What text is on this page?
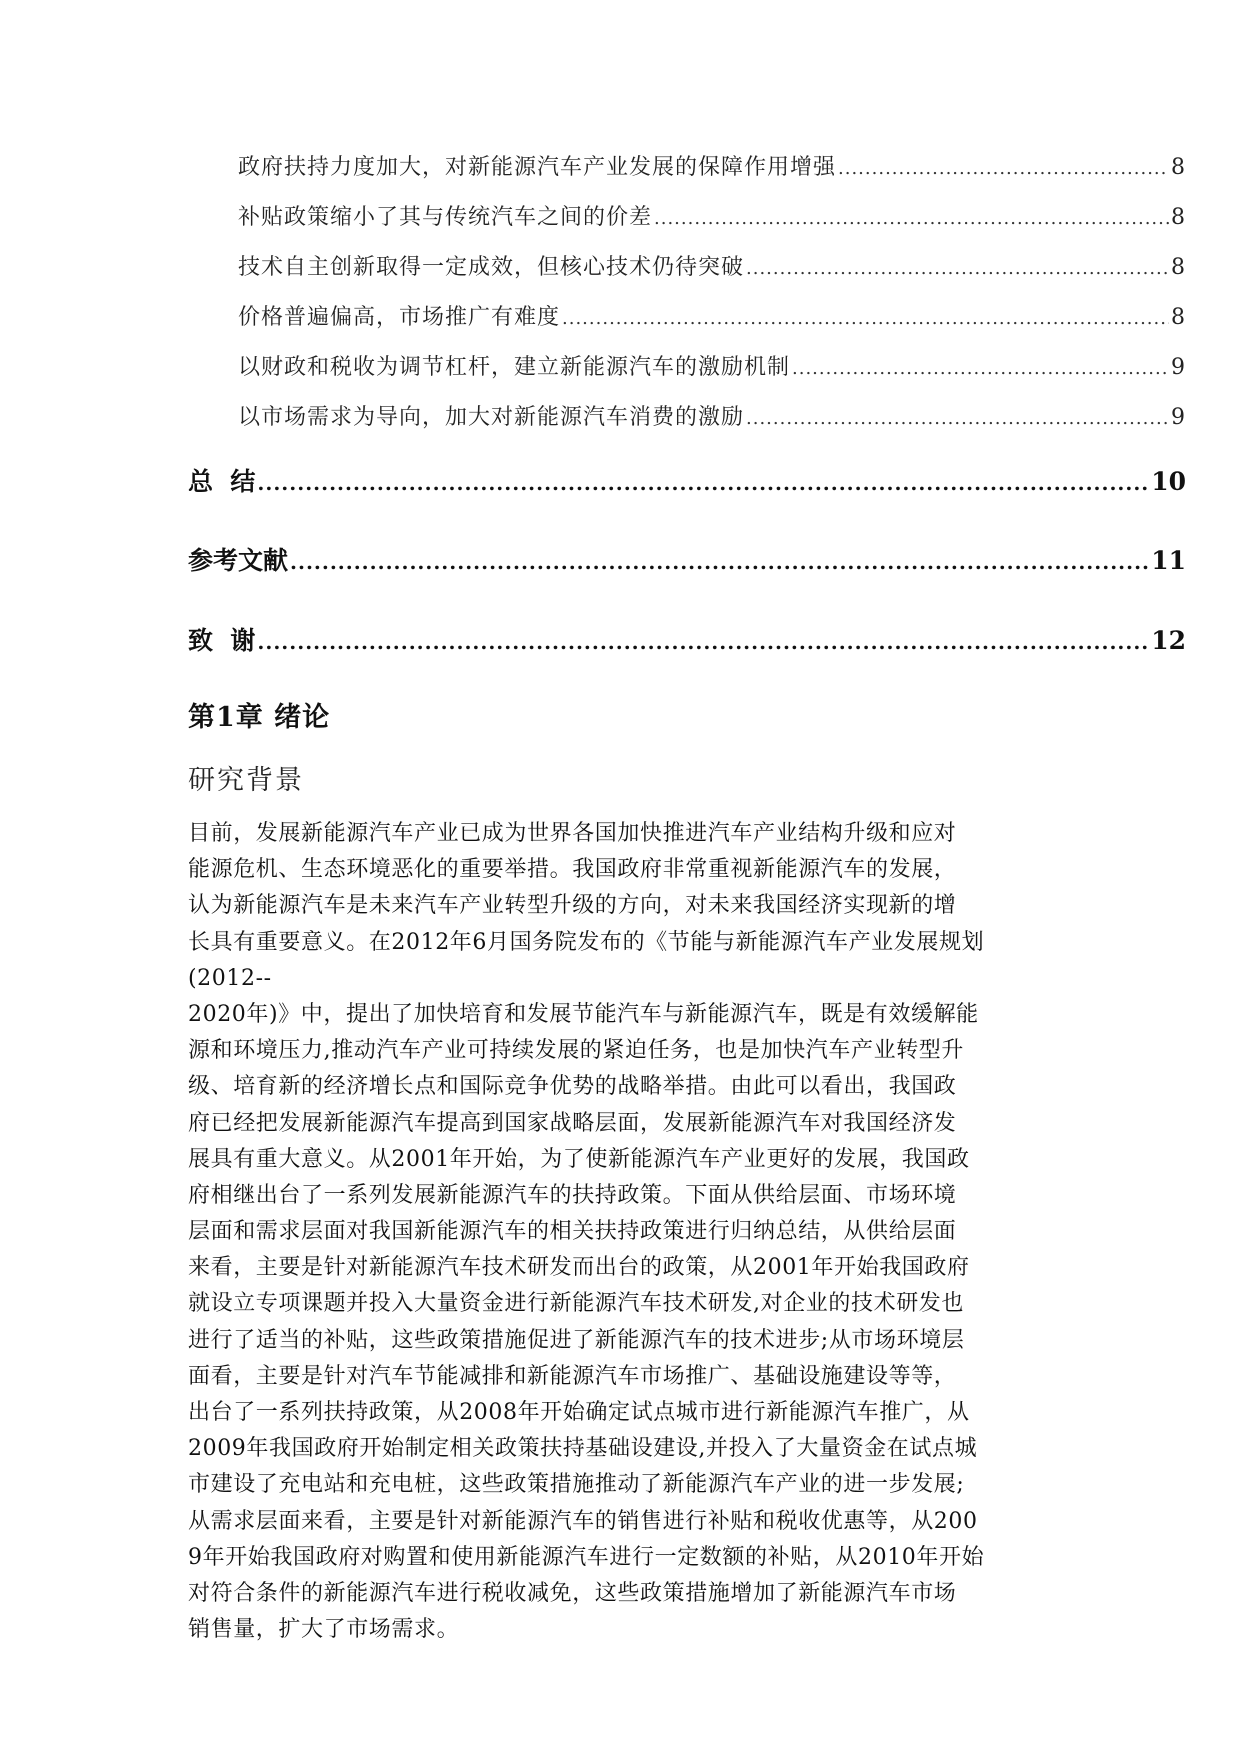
政府扶持力度加大，对新能源汽车产业发展的保障作用增强 .....	8
补贴政策缩小了其与传统汽车之间的价差 .....	8
技术自主创新取得一定成效，但核心技术仍待突破 .....	8
价格普遍偏高，市场推广有难度 .....	8
以财政和税收为调节杠杆，建立新能源汽车的激励机制 .....	9
以市场需求为导向，加大对新能源汽车消费的激励 .....	9
总  结 .....	10
参考文献 .....	11
致  谢 .....	12
第1章 绪论
研究背景
目前，发展新能源汽车产业已成为世界各国加快推进汽车产业结构升级和应对
能源危机、生态环境恶化的重要举措。我国政府非常重视新能源汽车的发展，
认为新能源汽车是未来汽车产业转型升级的方向，对未来我国经济实现新的增
长具有重要意义。在2012年6月国务院发布的《节能与新能源汽车产业发展规划
(2012--
2020年)》中，提出了加快培育和发展节能汽车与新能源汽车，既是有效缓解能
源和环境压力,推动汽车产业可持续发展的紧迫任务，也是加快汽车产业转型升
级、培育新的经济增长点和国际竞争优势的战略举措。由此可以看出，我国政
府已经把发展新能源汽车提高到国家战略层面，发展新能源汽车对我国经济发
展具有重大意义。从2001年开始，为了使新能源汽车产业更好的发展，我国政
府相继出台了一系列发展新能源汽车的扶持政策。下面从供给层面、市场环境
层面和需求层面对我国新能源汽车的相关扶持政策进行归纳总结，从供给层面
来看，主要是针对新能源汽车技术研发而出台的政策，从2001年开始我国政府
就设立专项课题并投入大量资金进行新能源汽车技术研发,对企业的技术研发也
进行了适当的补贴，这些政策措施促进了新能源汽车的技术进步;从市场环境层
面看，主要是针对汽车节能减排和新能源汽车市场推广、基础设施建设等等，
出台了一系列扶持政策，从2008年开始确定试点城市进行新能源汽车推广，从
2009年我国政府开始制定相关政策扶持基础设建设,并投入了大量资金在试点城
市建设了充电站和充电桩，这些政策措施推动了新能源汽车产业的进一步发展;
从需求层面来看，主要是针对新能源汽车的销售进行补贴和税收优惠等，从200
9年开始我国政府对购置和使用新能源汽车进行一定数额的补贴，从2010年开始
对符合条件的新能源汽车进行税收减免，这些政策措施增加了新能源汽车市场
销售量，扩大了市场需求。
